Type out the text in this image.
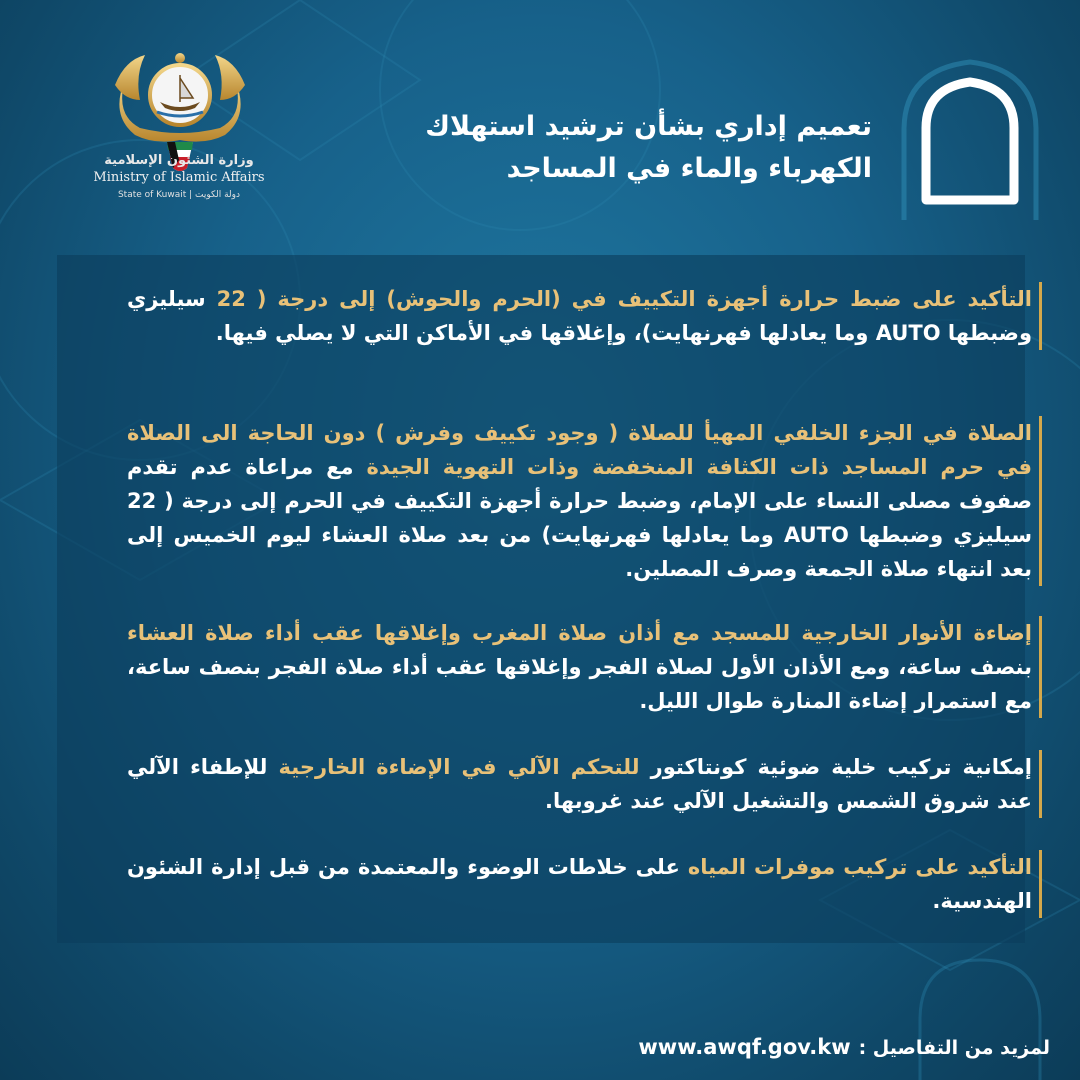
وزارة الشئون الإسلامية
Ministry of Islamic Affairs
State of Kuwait | دولة الكويت
تعميم إداري بشأن ترشيد استهلاك
الكهرباء والماء في المساجد
التأكيد على ضبط حرارة أجهزة التكييف في (الحرم والحوش) إلى درجة ( 22 سيليزي وضبطها AUTO وما يعادلها فهرنهايت)، وإغلاقها في الأماكن التي لا يصلي فيها.
الصلاة في الجزء الخلفي المهيأ للصلاة ( وجود تكييف وفرش ) دون الحاجة الى الصلاة في حرم المساجد ذات الكثافة المنخفضة وذات التهوية الجيدة مع مراعاة عدم تقدم صفوف مصلى النساء على الإمام، وضبط حرارة أجهزة التكييف في الحرم إلى درجة ( 22 سيليزي وضبطها AUTO وما يعادلها فهرنهايت) من بعد صلاة العشاء ليوم الخميس إلى بعد انتهاء صلاة الجمعة وصرف المصلين.
إضاءة الأنوار الخارجية للمسجد مع أذان صلاة المغرب وإغلاقها عقب أداء صلاة العشاء بنصف ساعة، ومع الأذان الأول لصلاة الفجر وإغلاقها عقب أداء صلاة الفجر بنصف ساعة، مع استمرار إضاءة المنارة طوال الليل.
إمكانية تركيب خلية ضوئية كونتاكتور للتحكم الآلي في الإضاءة الخارجية للإطفاء الآلي عند شروق الشمس والتشغيل الآلي عند غروبها.
التأكيد على تركيب موفرات المياه على خلاطات الوضوء والمعتمدة من قبل إدارة الشئون الهندسية.
لمزيد من التفاصيل :
www.awqf.gov.kw
